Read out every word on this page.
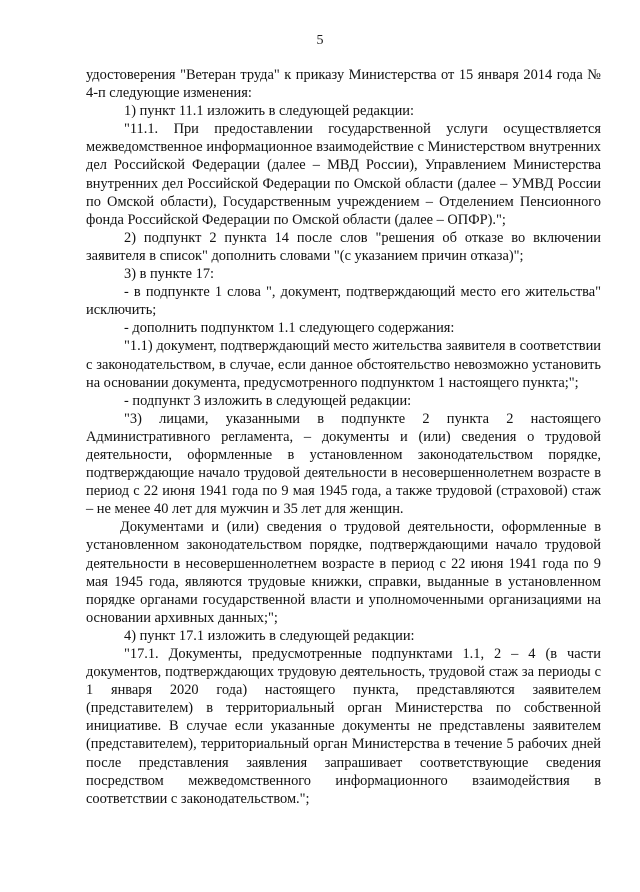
5

удостоверения "Ветеран труда" к приказу Министерства от 15 января 2014 года № 4-п следующие изменения:

1) пункт 11.1 изложить в следующей редакции:

"11.1. При предоставлении государственной услуги осуществляется межведомственное информационное взаимодействие с Министерством внутренних дел Российской Федерации (далее – МВД России), Управлением Министерства внутренних дел Российской Федерации по Омской области (далее – УМВД России по Омской области), Государственным учреждением – Отделением Пенсионного фонда Российской Федерации по Омской области (далее – ОПФР).";

2) подпункт 2 пункта 14 после слов "решения об отказе во включении заявителя в список" дополнить словами "(с указанием причин отказа)";

3) в пункте 17:

- в подпункте 1 слова ", документ, подтверждающий место его жительства" исключить;

- дополнить подпунктом 1.1 следующего содержания:

"1.1) документ, подтверждающий место жительства заявителя в соответствии с законодательством, в случае, если данное обстоятельство невозможно установить на основании документа, предусмотренного подпунктом 1 настоящего пункта;";

- подпункт 3 изложить в следующей редакции:

"3) лицами, указанными в подпункте 2 пункта 2 настоящего Административного регламента, – документы и (или) сведения о трудовой деятельности, оформленные в установленном законодательством порядке, подтверждающие начало трудовой деятельности в несовершеннолетнем возрасте в период с 22 июня 1941 года по 9 мая 1945 года, а также трудовой (страховой) стаж – не менее 40 лет для мужчин и 35 лет для женщин.

Документами и (или) сведения о трудовой деятельности, оформленные в установленном законодательством порядке, подтверждающими начало трудовой деятельности в несовершеннолетнем возрасте в период с 22 июня 1941 года по 9 мая 1945 года, являются трудовые книжки, справки, выданные в установленном порядке органами государственной власти и уполномоченными организациями на основании архивных данных;";

4) пункт 17.1 изложить в следующей редакции:

"17.1. Документы, предусмотренные подпунктами 1.1, 2 – 4 (в части документов, подтверждающих трудовую деятельность, трудовой стаж за периоды с 1 января 2020 года) настоящего пункта, представляются заявителем (представителем) в территориальный орган Министерства по собственной инициативе. В случае если указанные документы не представлены заявителем (представителем), территориальный орган Министерства в течение 5 рабочих дней после представления заявления запрашивает соответствующие сведения посредством межведомственного информационного взаимодействия в соответствии с законодательством.";
